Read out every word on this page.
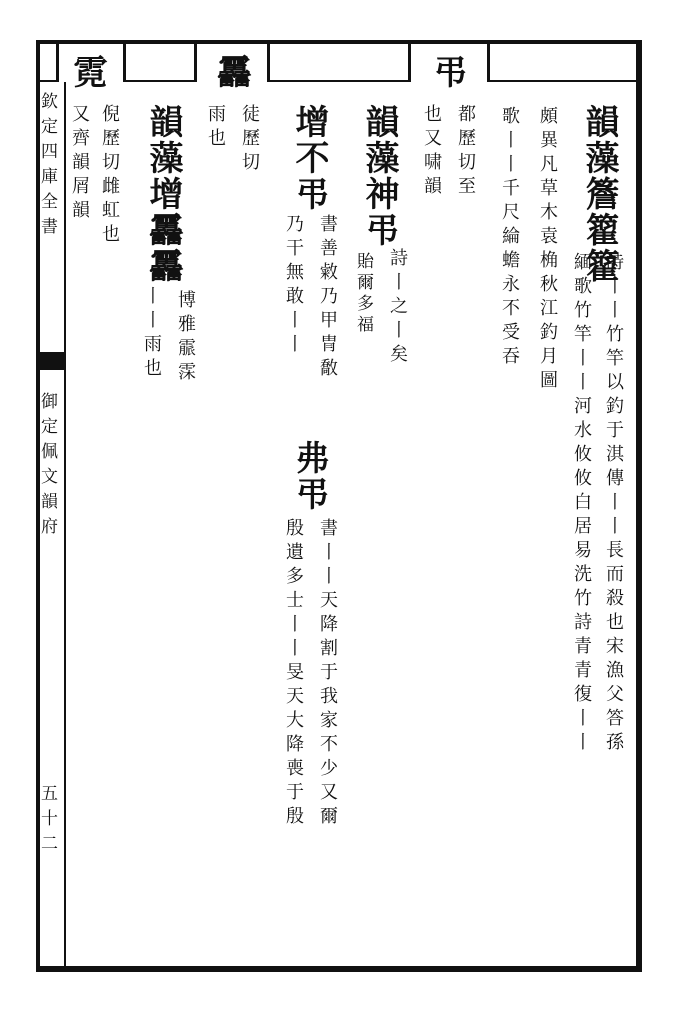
欽定四庫全書
御定佩文韻府
五十二
韻藻簷籊籊
詩丨丨竹竿以釣于淇傳丨丨長而殺也宋漁父答孫
緬歌竹竿丨丨河水攸攸白居易洗竹詩青青復丨丨
頗異凡草木袁桷秋江釣月圖
歌丨丨千尺綸蟾永不受吞
弔
都歷切至
也又啸韻
韻藻神弔
詩丨之丨矣
貽爾多福
增不弔
書善敹乃甲冑敿
乃干無敢丨丨
弗弔
書丨丨天降割于我家不少又爾
殷遺多士丨丨旻天大降喪于殷
靐
徒歷切
雨也
韻藻增靐靐
博雅霢霂
丨丨雨也
霓
倪歷切雌虹也
又齊韻屑韻
